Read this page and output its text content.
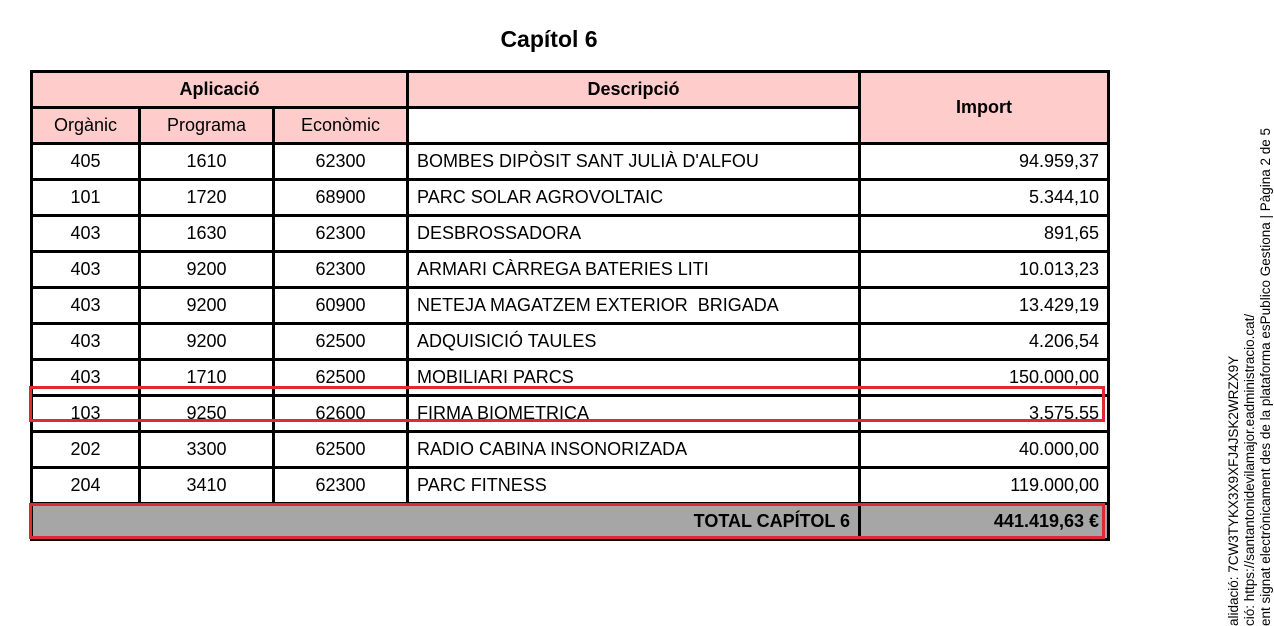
Capítol 6
Aplicació			Descripció	Import
Orgànic	Programa	Econòmic		
405	1610	62300	BOMBES DIPÒSIT SANT JULIÀ D'ALFOU	94.959,37
101	1720	68900	PARC SOLAR AGROVOLTAIC	5.344,10
403	1630	62300	DESBROSSADORA	891,65
403	9200	62300	ARMARI CÀRREGA BATERIES LITI	10.013,23
403	9200	60900	NETEJA MAGATZEM EXTERIOR  BRIGADA	13.429,19
403	9200	62500	ADQUISICIÓ TAULES	4.206,54
403	1710	62500	MOBILIARI PARCS	150.000,00
103	9250	62600	FIRMA BIOMETRICA	3.575,55
202	3300	62500	RADIO CABINA INSONORIZADA	40.000,00
204	3410	62300	PARC FITNESS	119.000,00
TOTAL CAPÍTOL 6				441.419,63 €	alidació: 7CW3TYKX3X9XFJ4JSK2WRZX9Y ció: https://santantonidevilamajor.eadministracio.cat/ ent signat electrònicament des de la plataforma esPublico Gestiona | Pàgina 2 de 5
